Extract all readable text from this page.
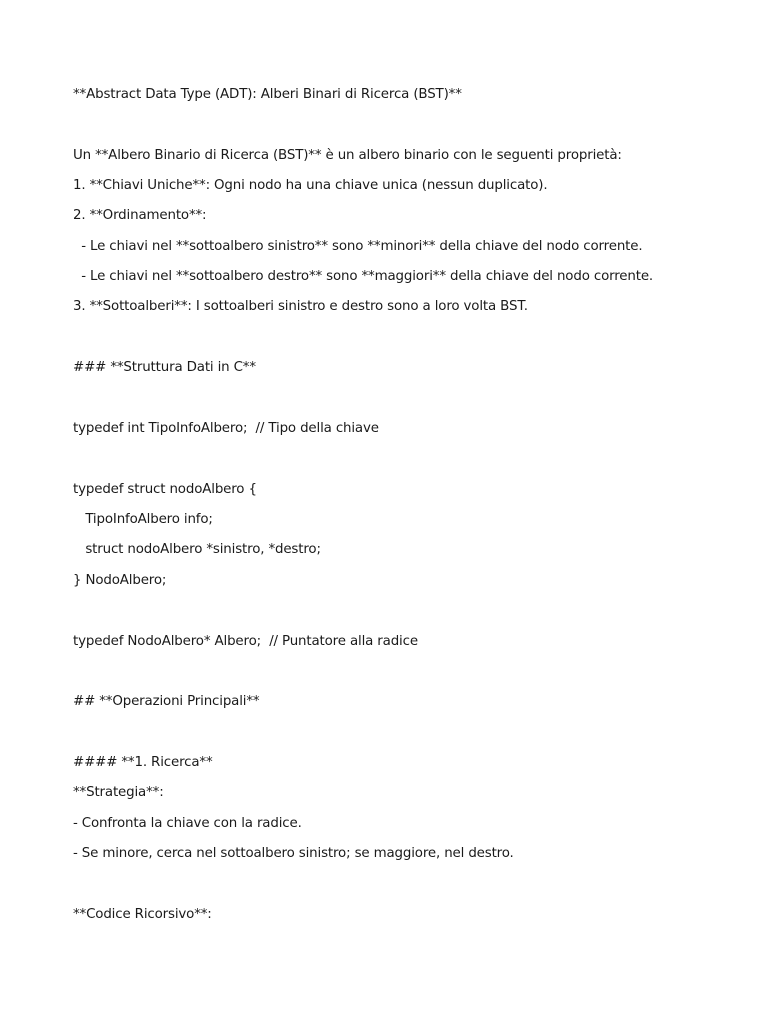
**Abstract Data Type (ADT): Alberi Binari di Ricerca (BST)**
Un **Albero Binario di Ricerca (BST)** è un albero binario con le seguenti proprietà:
1. **Chiavi Uniche**: Ogni nodo ha una chiave unica (nessun duplicato).
2. **Ordinamento**:
- Le chiavi nel **sottoalbero sinistro** sono **minori** della chiave del nodo corrente.
- Le chiavi nel **sottoalbero destro** sono **maggiori** della chiave del nodo corrente.
3. **Sottoalberi**: I sottoalberi sinistro e destro sono a loro volta BST.
### **Struttura Dati in C**
typedef int TipoInfoAlbero;  // Tipo della chiave
typedef struct nodoAlbero {
TipoInfoAlbero info;
struct nodoAlbero *sinistro, *destro;
} NodoAlbero;
typedef NodoAlbero* Albero;  // Puntatore alla radice
## **Operazioni Principali**
#### **1. Ricerca**
**Strategia**:
- Confronta la chiave con la radice.
- Se minore, cerca nel sottoalbero sinistro; se maggiore, nel destro.
**Codice Ricorsivo**:
